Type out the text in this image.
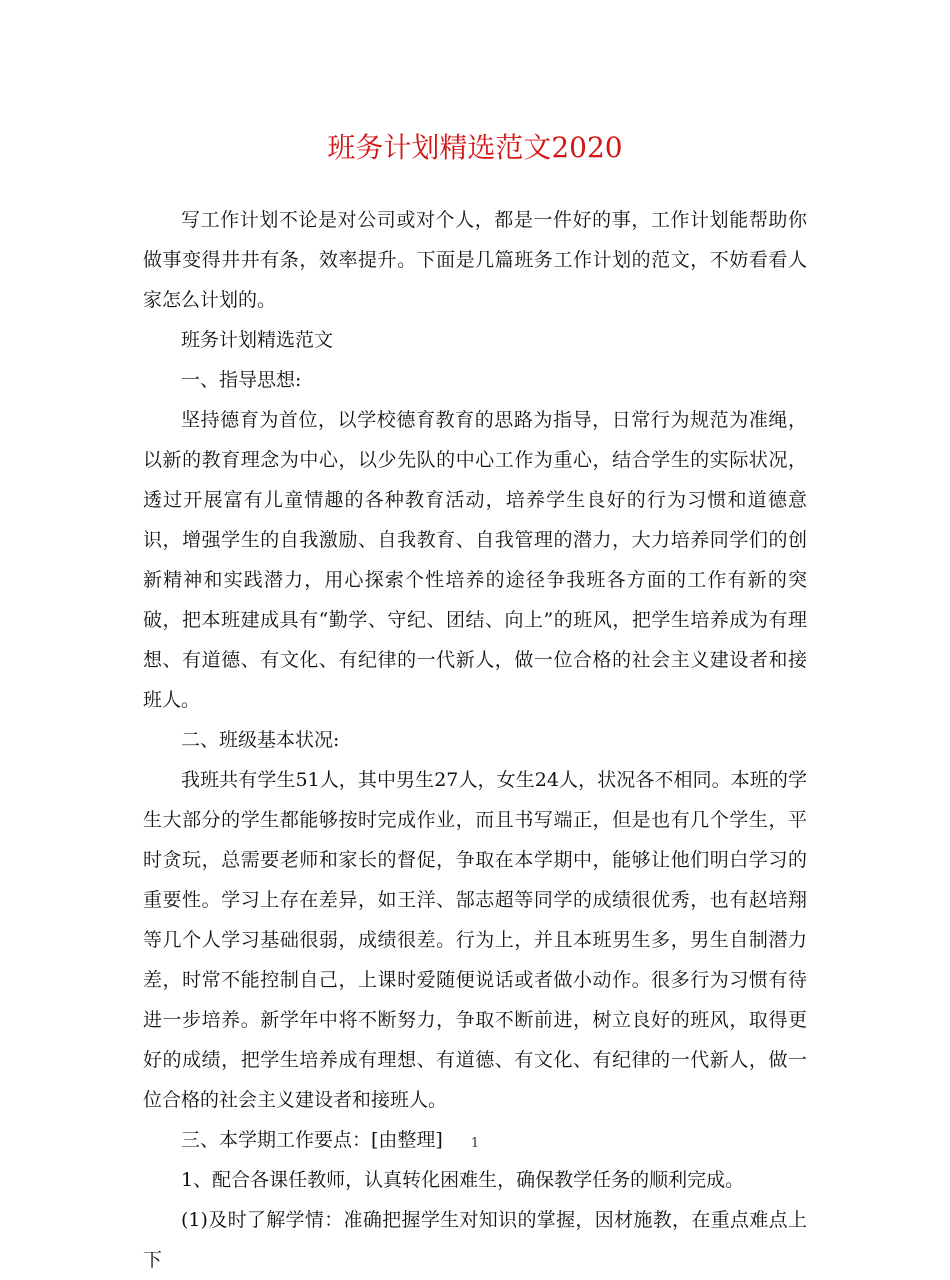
班务计划精选范文2020

写工作计划不论是对公司或对个人，都是一件好的事，工作计划能帮助你做事变得井井有条，效率提升。下面是几篇班务工作计划的范文，不妨看看人家怎么计划的。

班务计划精选范文

一、指导思想:

坚持德育为首位，以学校德育教育的思路为指导，日常行为规范为准绳，以新的教育理念为中心，以少先队的中心工作为重心，结合学生的实际状况，透过开展富有儿童情趣的各种教育活动，培养学生良好的行为习惯和道德意识，增强学生的自我激励、自我教育、自我管理的潜力，大力培养同学们的创新精神和实践潜力，用心探索个性培养的途径争我班各方面的工作有新的突破，把本班建成具有“勤学、守纪、团结、向上”的班风，把学生培养成为有理想、有道德、有文化、有纪律的一代新人，做一位合格的社会主义建设者和接班人。

二、班级基本状况:

我班共有学生51人，其中男生27人，女生24人，状况各不相同。本班的学生大部分的学生都能够按时完成作业，而且书写端正，但是也有几个学生，平时贪玩，总需要老师和家长的督促，争取在本学期中，能够让他们明白学习的重要性。学习上存在差异，如王洋、郜志超等同学的成绩很优秀，也有赵培翔等几个人学习基础很弱，成绩很差。行为上，并且本班男生多，男生自制潜力差，时常不能控制自己，上课时爱随便说话或者做小动作。很多行为习惯有待进一步培养。新学年中将不断努力，争取不断前进，树立良好的班风，取得更好的成绩，把学生培养成有理想、有道德、有文化、有纪律的一代新人，做一位合格的社会主义建设者和接班人。

三、本学期工作要点：[由整理]

1、配合各课任教师，认真转化困难生，确保教学任务的顺利完成。

(1)及时了解学情：准确把握学生对知识的掌握，因材施教，在重点难点上下

1
